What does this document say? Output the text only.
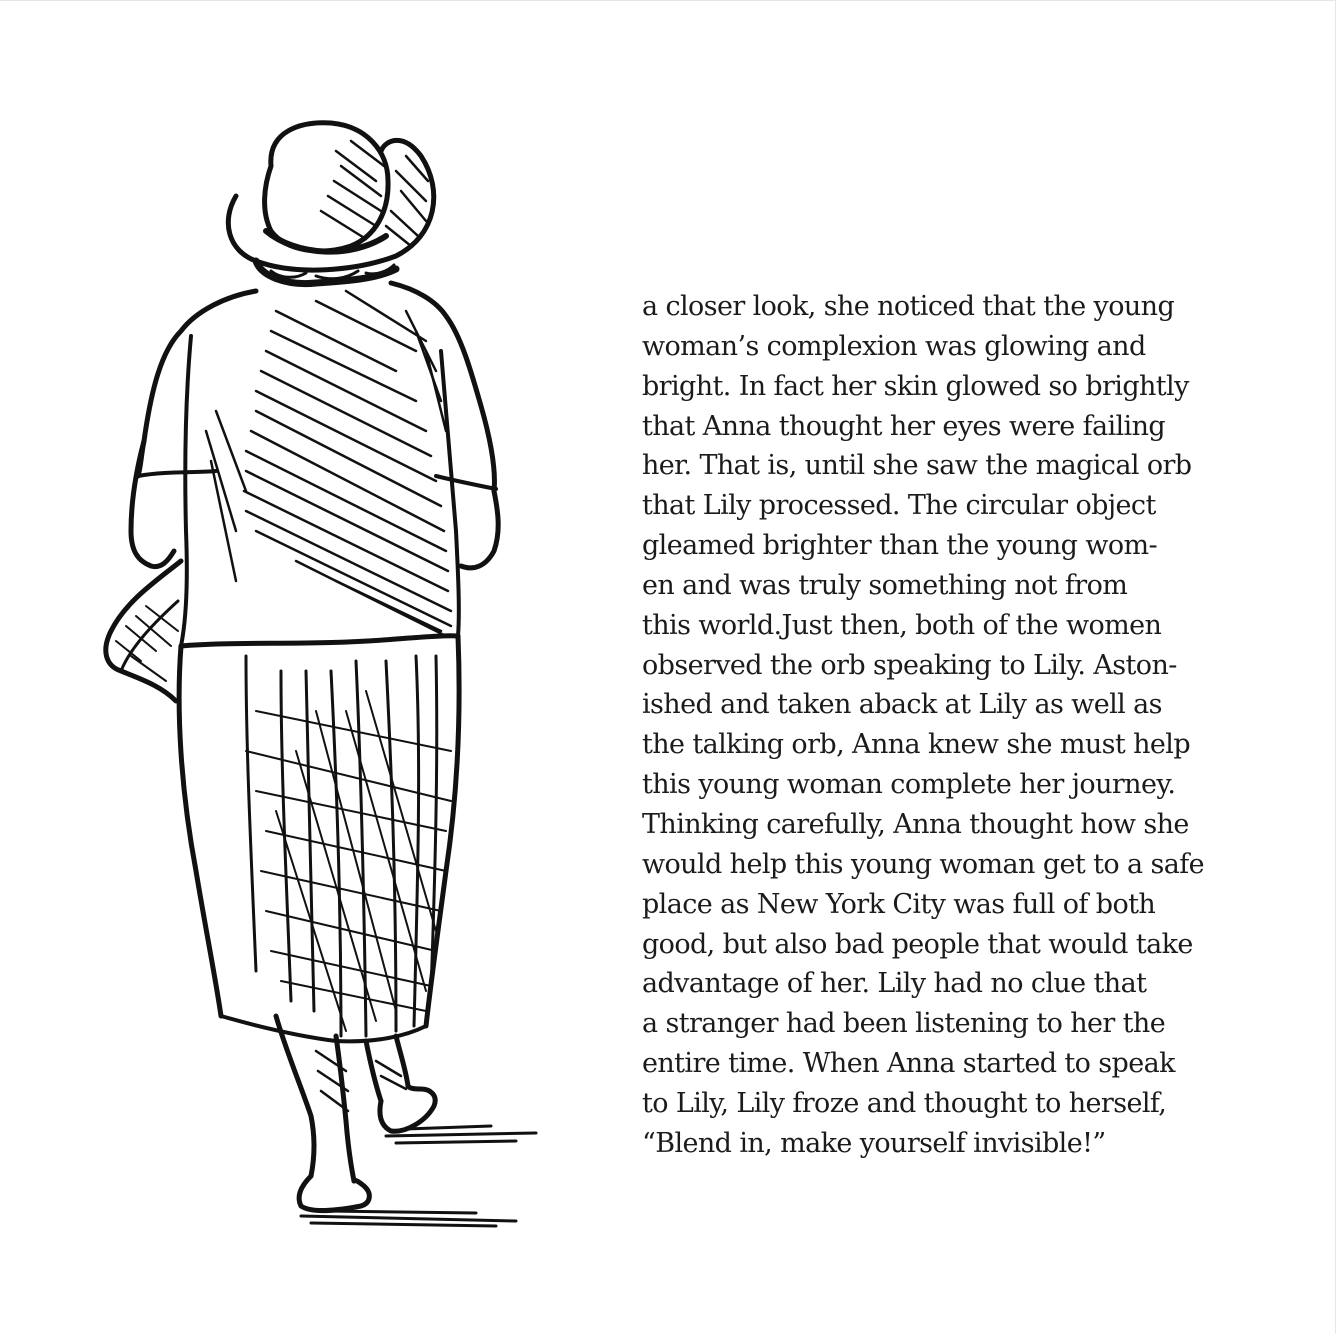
a closer look, she noticed that the young
woman’s complexion was glowing and
bright. In fact her skin glowed so brightly
that Anna thought her eyes were failing
her. That is, until she saw the magical orb
that Lily processed. The circular object
gleamed brighter than the young wom-
en and was truly something not from
this world.Just then, both of the women
observed the orb speaking to Lily. Aston-
ished and taken aback at Lily as well as
the talking orb, Anna knew she must help
this young woman complete her journey.
Thinking carefully, Anna thought how she
would help this young woman get to a safe
place as New York City was full of both
good, but also bad people that would take
advantage of her. Lily had no clue that
a stranger had been listening to her the
entire time. When Anna started to speak
to Lily, Lily froze and thought to herself,
“Blend in, make yourself invisible!”
